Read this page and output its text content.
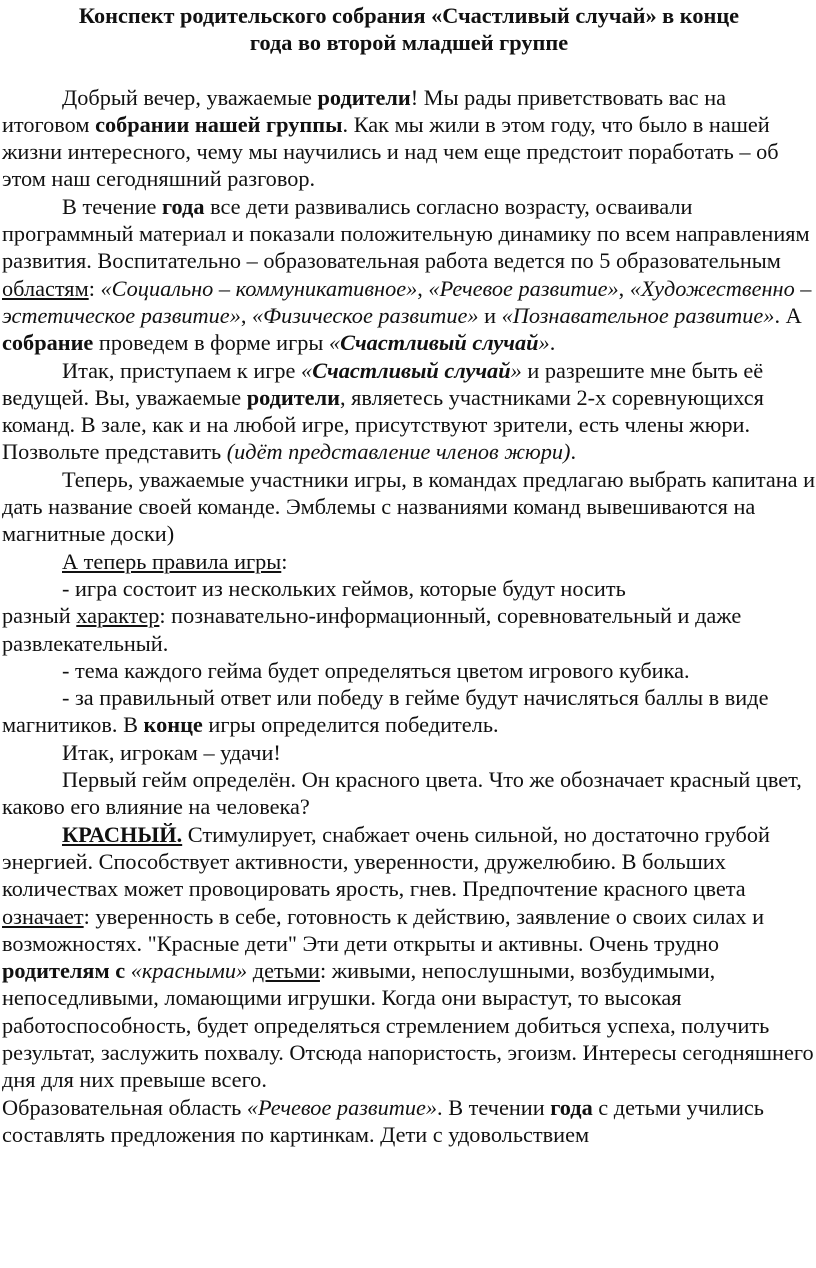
Конспект родительского собрания «Счастливый случай» в конце
года во второй младшей группе

Добрый вечер, уважаемые родители! Мы рады приветствовать вас на итоговом собрании нашей группы. Как мы жили в этом году, что было в нашей жизни интересного, чему мы научились и над чем еще предстоит поработать – об этом наш сегодняшний разговор.

В течение года все дети развивались согласно возрасту, осваивали программный материал и показали положительную динамику по всем направлениям развития. Воспитательно – образовательная работа ведется по 5 образовательным областям: «Социально – коммуникативное», «Речевое развитие», «Художественно – эстетическое развитие», «Физическое развитие» и «Познавательное развитие». А собрание проведем в форме игры «Счастливый случай».

Итак, приступаем к игре «Счастливый случай» и разрешите мне быть её ведущей. Вы, уважаемые родители, являетесь участниками 2-х соревнующихся команд. В зале, как и на любой игре, присутствуют зрители, есть члены жюри. Позвольте представить (идёт представление членов жюри).

Теперь, уважаемые участники игры, в командах предлагаю выбрать капитана и дать название своей команде. Эмблемы с названиями команд вывешиваются на магнитные доски)

А теперь правила игры:

- игра состоит из нескольких геймов, которые будут носить
разный характер: познавательно-информационный, соревновательный и даже развлекательный.

- тема каждого гейма будет определяться цветом игрового кубика.

- за правильный ответ или победу в гейме будут начисляться баллы в виде магнитиков. В конце игры определится победитель.

Итак, игрокам – удачи!

Первый гейм определён. Он красного цвета. Что же обозначает красный цвет, каково его влияние на человека?

КРАСНЫЙ. Стимулирует, снабжает очень сильной, но достаточно грубой энергией. Способствует активности, уверенности, дружелюбию. В больших количествах может провоцировать ярость, гнев. Предпочтение красного цвета означает: уверенность в себе, готовность к действию, заявление о своих силах и возможностях. "Красные дети" Эти дети открыты и активны. Очень трудно родителям с «красными» детьми: живыми, непослушными, возбудимыми, непоседливыми, ломающими игрушки. Когда они вырастут, то высокая работоспособность, будет определяться стремлением добиться успеха, получить результат, заслужить похвалу. Отсюда напористость, эгоизм. Интересы сегодняшнего дня для них превыше всего.

Образовательная область «Речевое развитие». В течении года с детьми учились составлять предложения по картинкам. Дети с удовольствием
